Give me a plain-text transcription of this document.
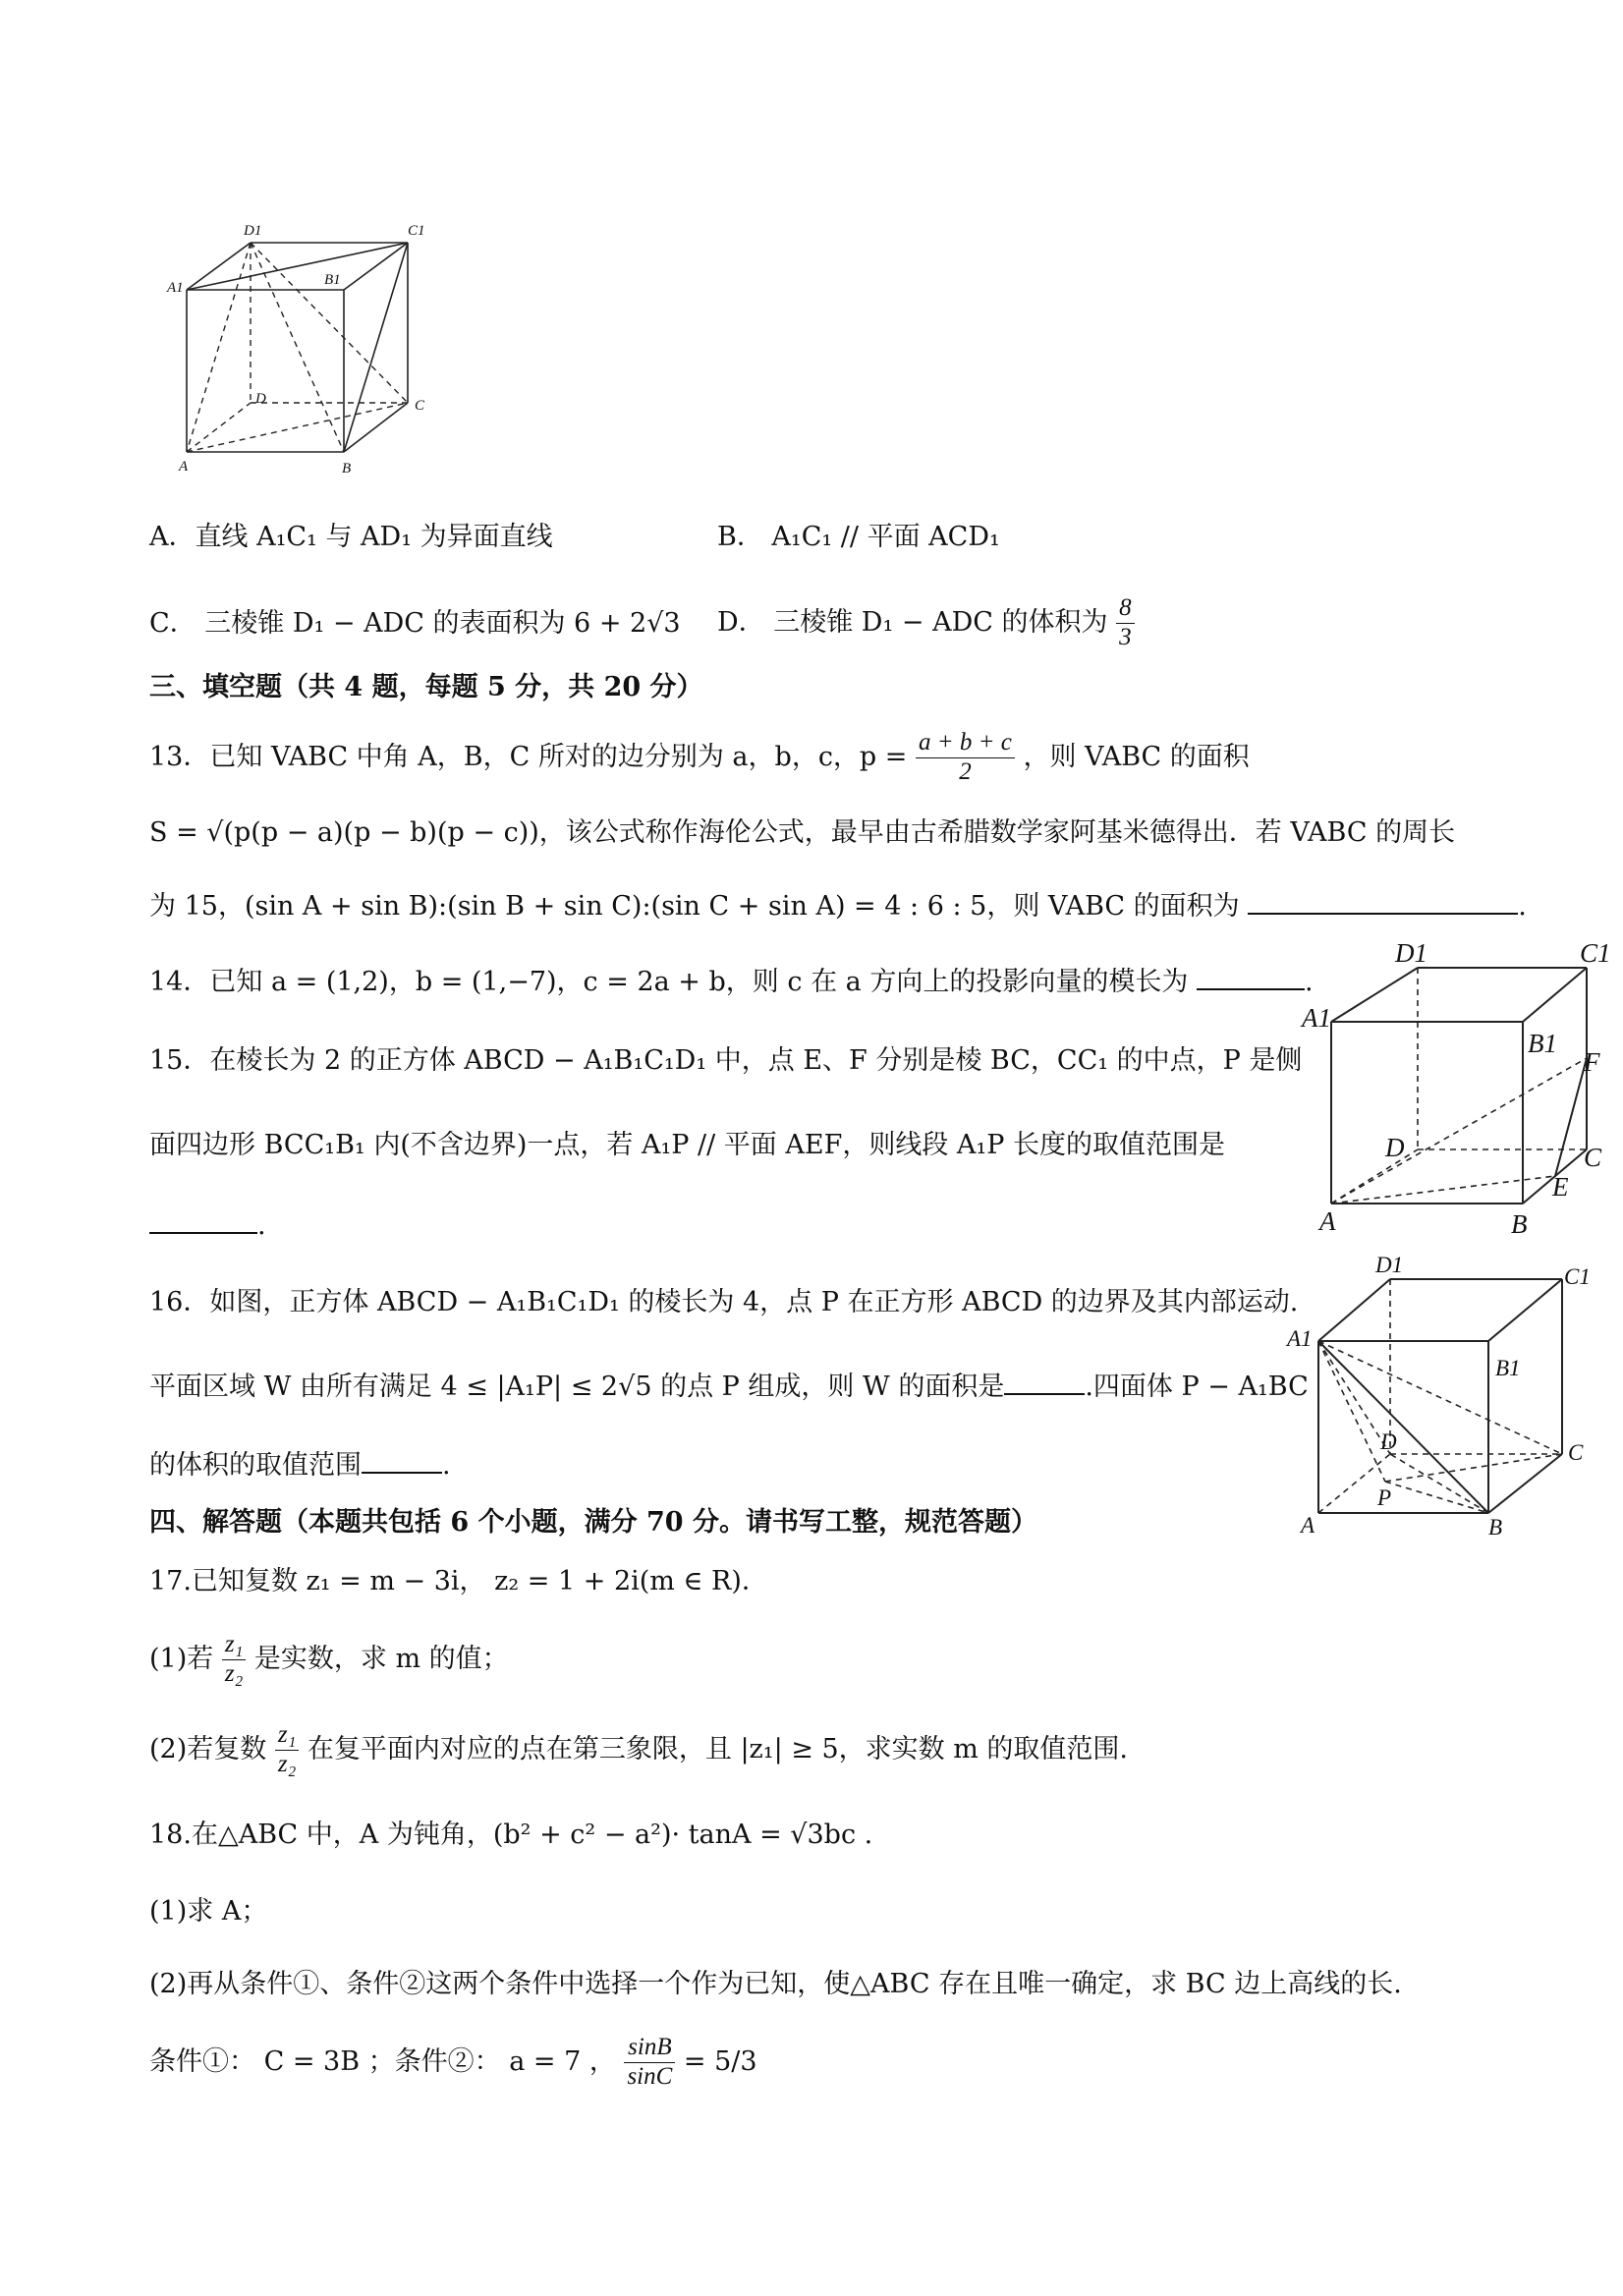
D1	C1
A1	B1
D	C
A	B
A．直线 A₁C₁ 与 AD₁ 为异面直线	B． A₁C₁ // 平面 ACD₁
C． 三棱锥 D₁ − ADC 的表面积为 6 + 2√3 D． 三棱锥 D₁ − ADC 的体积为 $\frac{8}{3}$
三、填空题（共 4 题，每题 5 分，共 20 分）
13．已知 VABC 中角 A，B，C 所对的边分别为 a，b，c，$p = \frac{a + b + c}{2}$ ，则 VABC 的面积
S = √(p(p − a)(p − b)(p − c))，该公式称作海伦公式，最早由古希腊数学家阿基米德得出．若 VABC 的周长
为 15，(sin A + sin B):(sin B + sin C):(sin C + sin A) = 4 : 6 : 5，则 VABC 的面积为	.
14．已知 a = (1,2)，b = (1,−7)，c = 2a + b，则 c 在 a 方向上的投影向量的模长为	.
D1	C1
A1
B1
F
D	C
E
A	B
15．在棱长为 2 的正方体 ABCD − A₁B₁C₁D₁ 中，点 E、F 分别是棱 BC，CC₁ 的中点，P 是侧
面四边形 BCC₁B₁ 内(不含边界)一点，若 A₁P // 平面 AEF，则线段 A₁P 长度的取值范围是
.
D1	C1
A1
B1
D	C
A
P
B
16．如图，正方体 ABCD − A₁B₁C₁D₁ 的棱长为 4，点 P 在正方形 ABCD 的边界及其内部运动.
平面区域 W 由所有满足 4 ≤ |A₁P| ≤ 2√5 的点 P 组成，则 W 的面积是	.四面体 P − A₁BC
的体积的取值范围	.
四、解答题（本题共包括 6 个小题，满分 70 分。请书写工整，规范答题）
17.已知复数 z₁ = m − 3i， z₂ = 1 + 2i(m ∈ R)．
(1)若 $\frac{\text{z₁}}{\text{z₂}}$ 是实数，求 m 的值；
(2)若复数 $\frac{\text{z₁}}{\text{z₂}}$ 在复平面内对应的点在第三象限，且 |z₁| ≥ 5，求实数 m 的取值范围.
18.在△ABC 中，A 为钝角，(b² + c² − a²)· tanA = √3bc .
(1)求 A；
(2)再从条件①、条件②这两个条件中选择一个作为已知，使△ABC 存在且唯一确定，求 BC 边上高线的长.
条件①： C = 3B ；条件②： a = 7 ， $\frac{\sin B}{\sin C} = 5/3$
